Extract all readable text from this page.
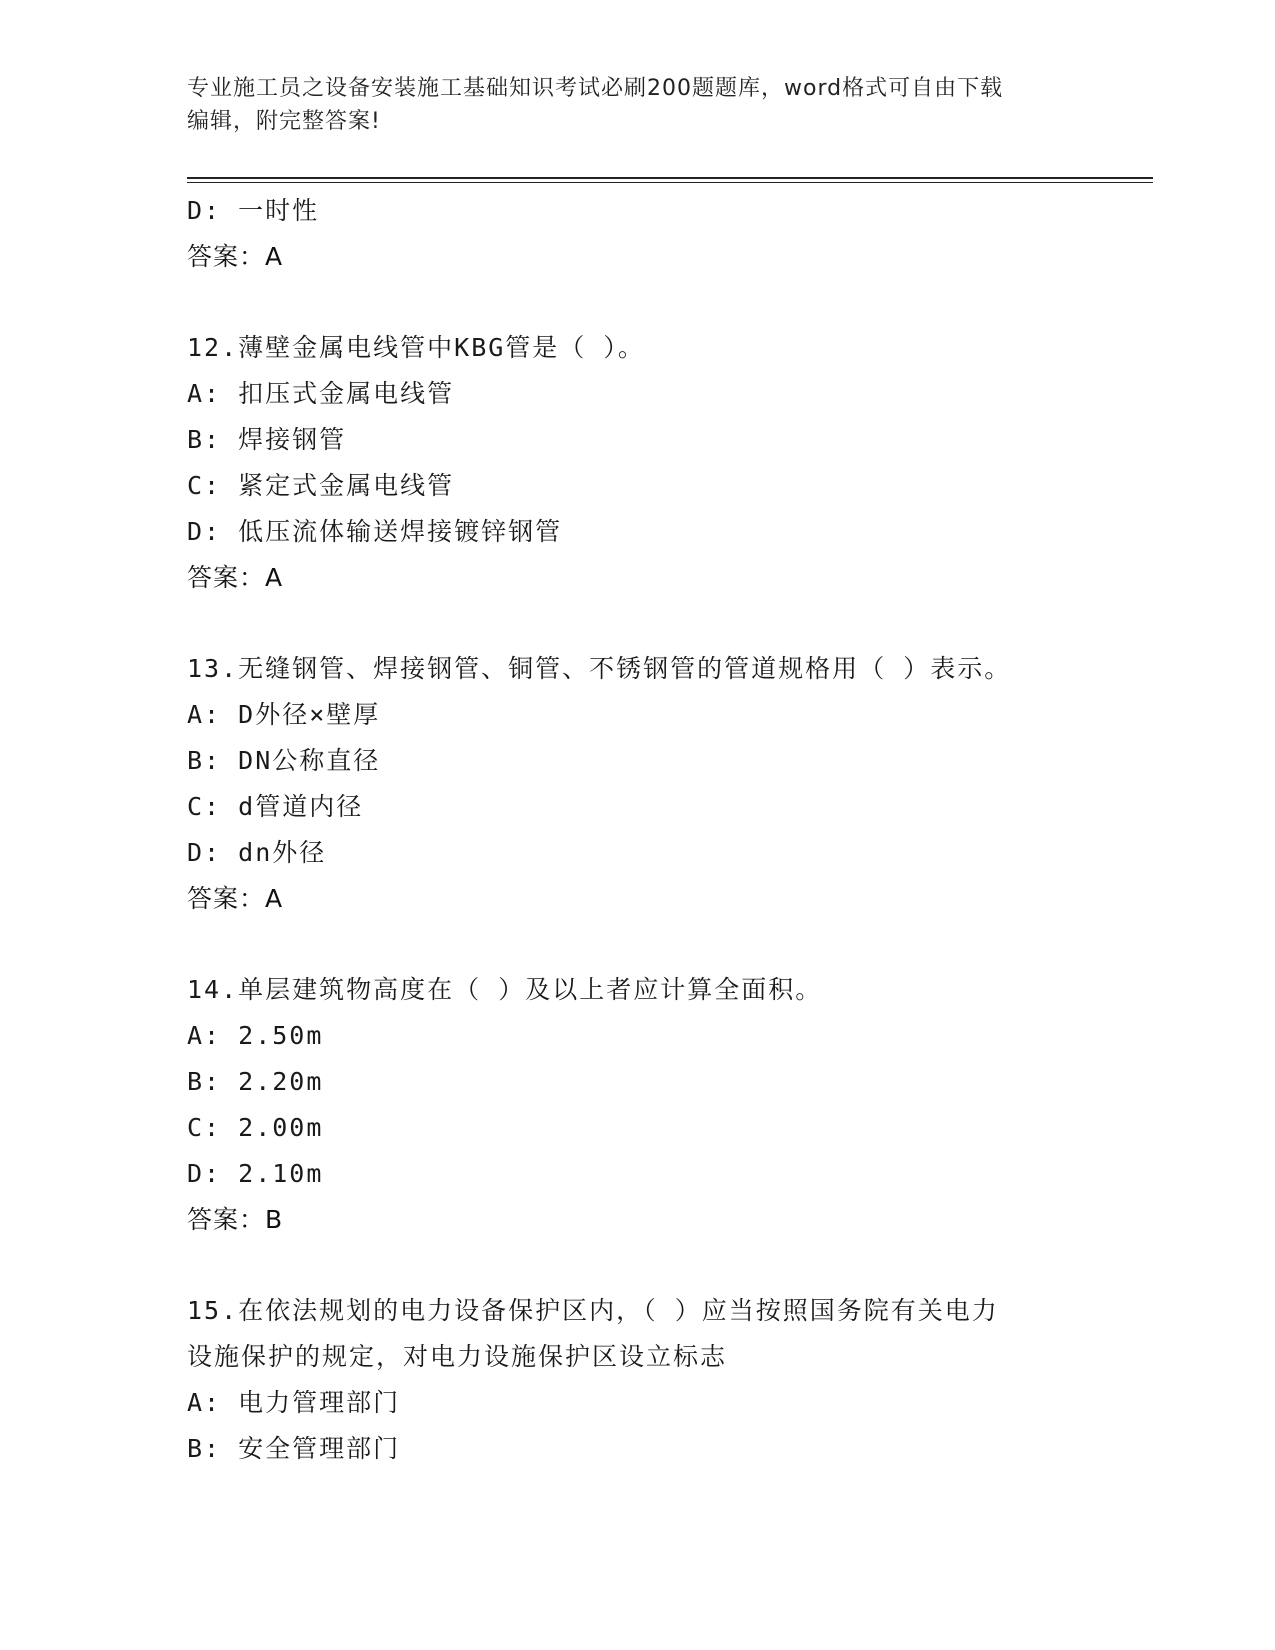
专业施工员之设备安装施工基础知识考试必刷200题题库，word格式可自由下载
编辑，附完整答案!
D: 一时性
答案：A
12.薄壁金属电线管中KBG管是（ ）。
A: 扣压式金属电线管
B: 焊接钢管
C: 紧定式金属电线管
D: 低压流体输送焊接镀锌钢管
答案：A
13.无缝钢管、焊接钢管、铜管、不锈钢管的管道规格用（ ）表示。
A: D外径×壁厚
B: DN公称直径
C: d管道内径
D: dn外径
答案：A
14.单层建筑物高度在（ ）及以上者应计算全面积。
A: 2.50m
B: 2.20m
C: 2.00m
D: 2.10m
答案：B
15.在依法规划的电力设备保护区内，（ ）应当按照国务院有关电力
设施保护的规定，对电力设施保护区设立标志
A: 电力管理部门
B: 安全管理部门
